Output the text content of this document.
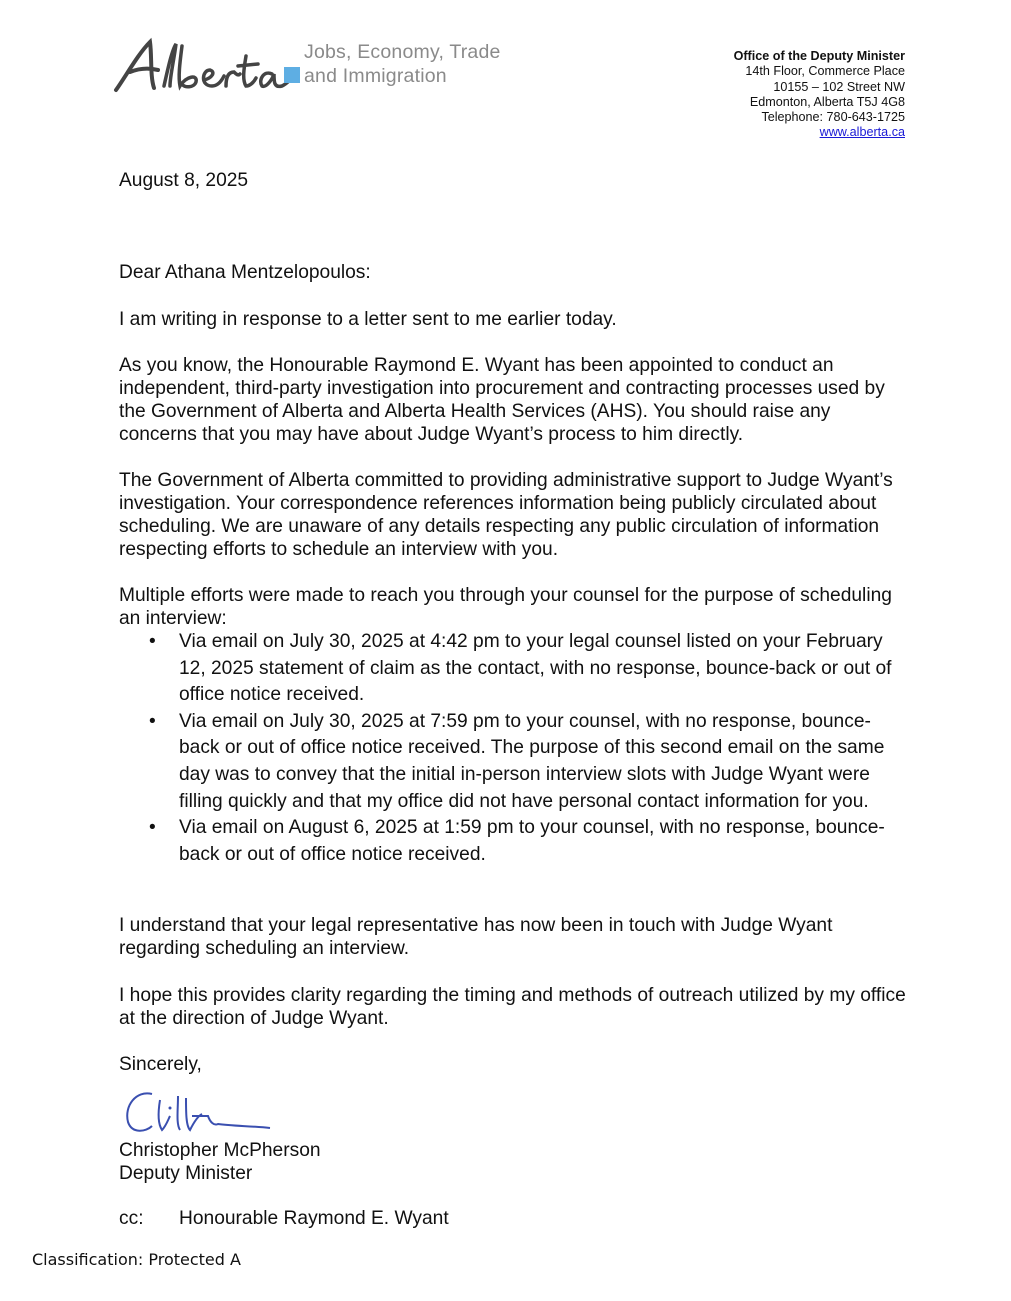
Jobs, Economy, Trade
and Immigration
Office of the Deputy Minister
14th Floor, Commerce Place
10155 – 102 Street NW
Edmonton, Alberta T5J 4G8
Telephone: 780-643-1725
www.alberta.ca

August 8, 2025

Dear Athana Mentzelopoulos:

I am writing in response to a letter sent to me earlier today.

As you know, the Honourable Raymond E. Wyant has been appointed to conduct an independent, third-party investigation into procurement and contracting processes used by the Government of Alberta and Alberta Health Services (AHS). You should raise any concerns that you may have about Judge Wyant’s process to him directly.

The Government of Alberta committed to providing administrative support to Judge Wyant’s investigation. Your correspondence references information being publicly circulated about scheduling. We are unaware of any details respecting any public circulation of information respecting efforts to schedule an interview with you.

Multiple efforts were made to reach you through your counsel for the purpose of scheduling an interview:

• Via email on July 30, 2025 at 4:42 pm to your legal counsel listed on your February 12, 2025 statement of claim as the contact, with no response, bounce-back or out of office notice received.
• Via email on July 30, 2025 at 7:59 pm to your counsel, with no response, bounce-back or out of office notice received. The purpose of this second email on the same day was to convey that the initial in-person interview slots with Judge Wyant were filling quickly and that my office did not have personal contact information for you.
• Via email on August 6, 2025 at 1:59 pm to your counsel, with no response, bounce-back or out of office notice received.

I understand that your legal representative has now been in touch with Judge Wyant regarding scheduling an interview.

I hope this provides clarity regarding the timing and methods of outreach utilized by my office at the direction of Judge Wyant.

Sincerely,

Christopher McPherson

Deputy Minister

cc: Honourable Raymond E. Wyant
Classification: Protected A
